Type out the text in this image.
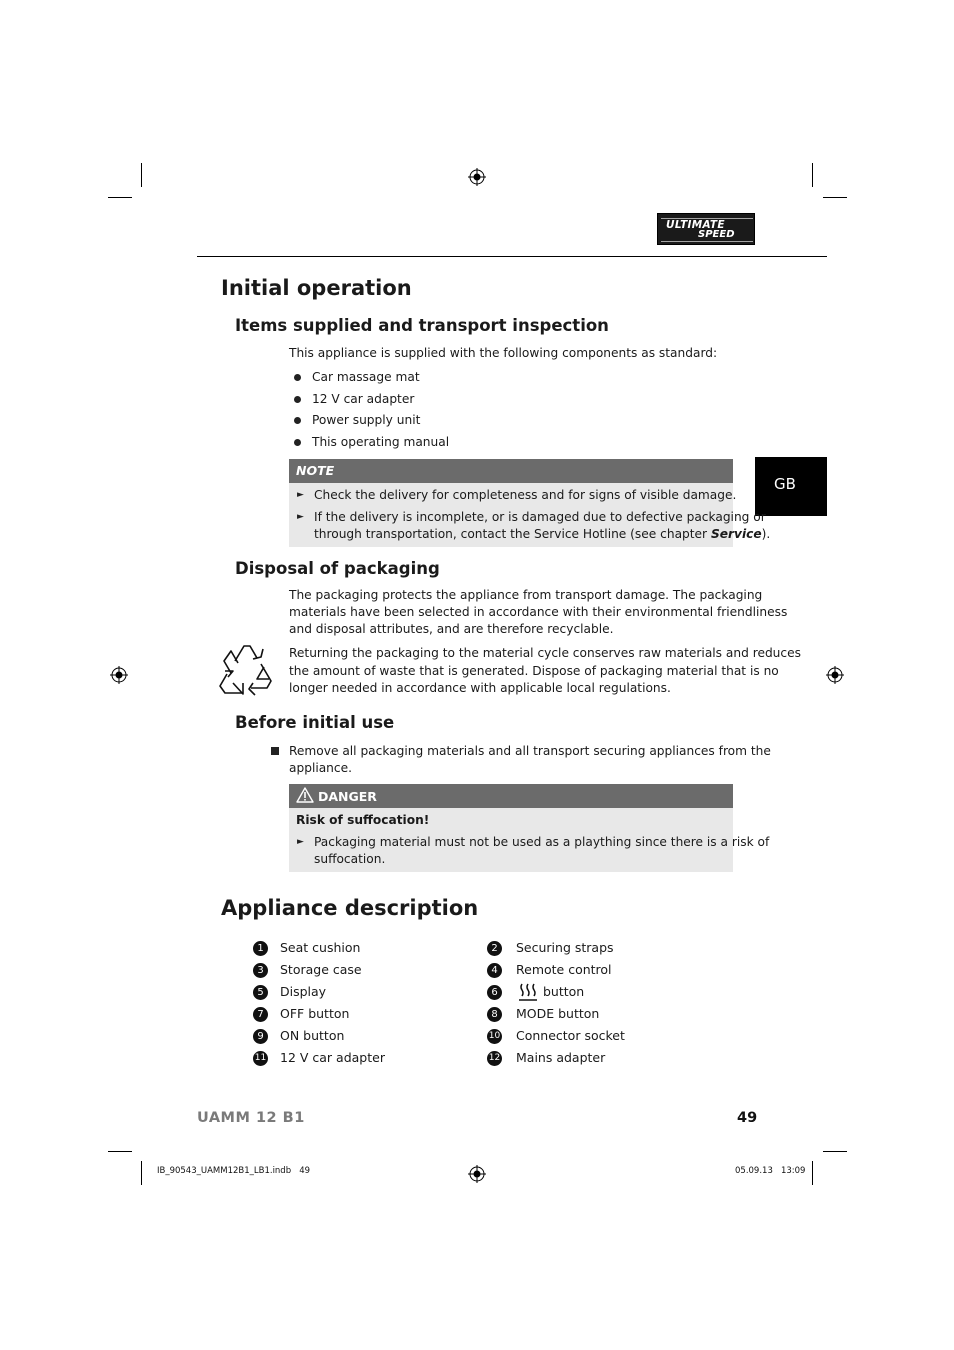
ULTIMATE
SPEED
GB
Initial operation
Items supplied and transport inspection
This appliance is supplied with the following components as standard:
Car massage mat
12 V car adapter
Power supply unit
This operating manual
NOTE
► Check the delivery for completeness and for signs of visible damage.
► If the delivery is incomplete, or is damaged due to defective packaging or
through transportation, contact the Service Hotline (see chapter Service).
Disposal of packaging
The packaging protects the appliance from transport damage. The packaging
materials have been selected in accordance with their environmental friendliness
and disposal attributes, and are therefore recyclable.
Returning the packaging to the material cycle conserves raw materials and reduces
the amount of waste that is generated. Dispose of packaging material that is no
longer needed in accordance with applicable local regulations.
Before initial use
Remove all packaging materials and all transport securing appliances from the
appliance.
DANGER
Risk of suffocation!
► Packaging material must not be used as a plaything since there is a risk of
suffocation.
Appliance description
1	Seat cushion
3	Storage case
5	Display
7	OFF button
9	ON button
11 12 V car adapter
2	Securing straps
4	Remote control
6	button
8	MODE button
10 Connector socket
12 Mains adapter
UAMM 12 B1	49
IB_90543_UAMM12B1_LB1.indb   49	05.09.13   13:09
